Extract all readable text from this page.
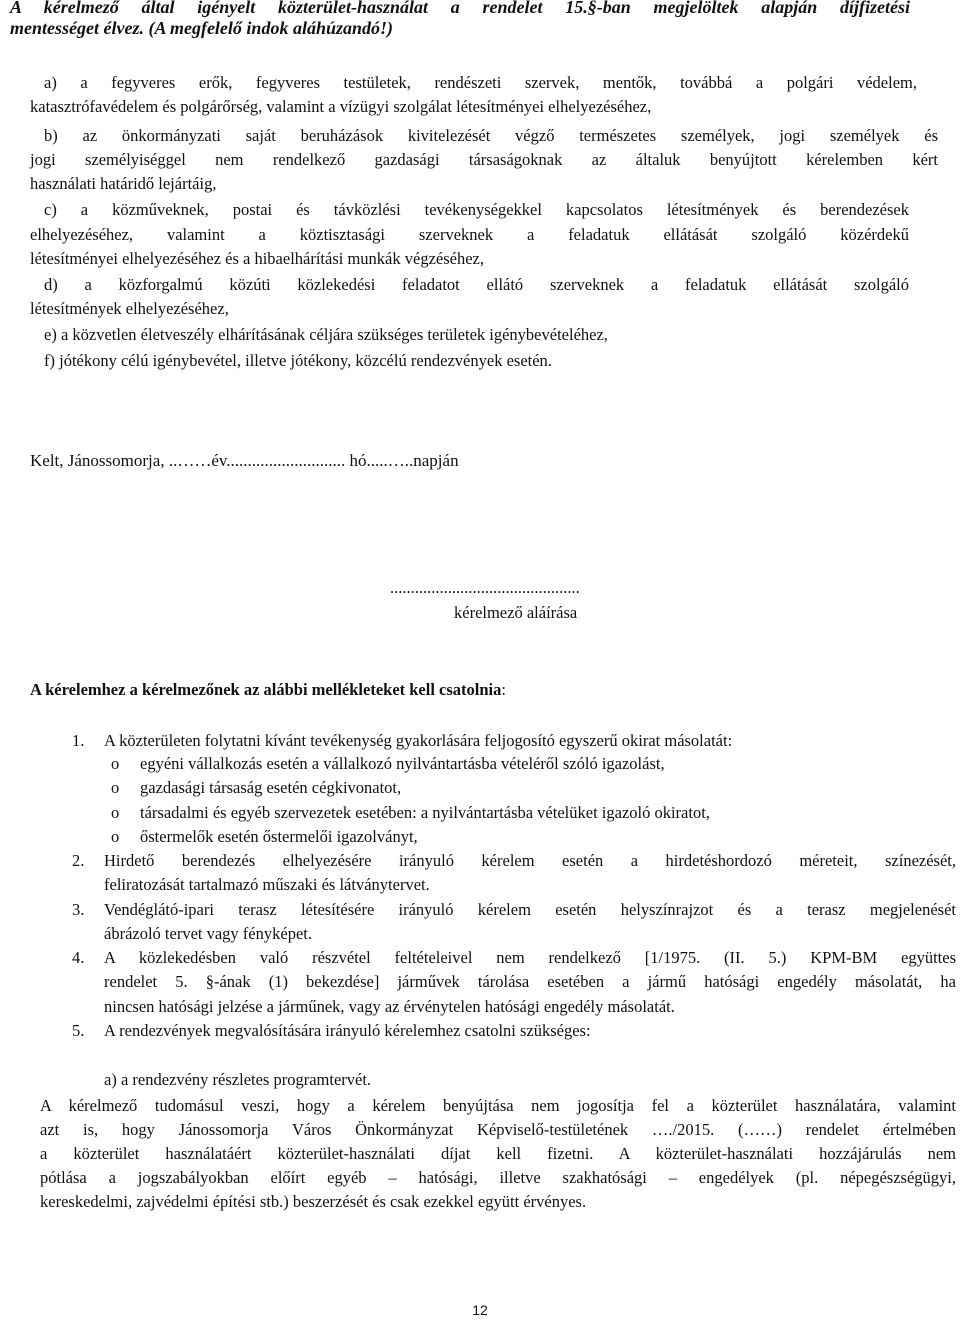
A kérelmező által igényelt közterület-használat a rendelet 15.§-ban megjelöltek alapján díjfizetési
mentességet élvez. (A megfelelő indok aláhúzandó!)
a) a fegyveres erők, fegyveres testületek, rendészeti szervek, mentők, továbbá a polgári védelem,
katasztrófavédelem és polgárőrség, valamint a vízügyi szolgálat létesítményei elhelyezéséhez,
b) az önkormányzati saját beruházások kivitelezését végző természetes személyek, jogi személyek és
jogi személyiséggel nem rendelkező gazdasági társaságoknak az általuk benyújtott kérelemben kért
használati határidő lejártáig,
c) a közműveknek, postai és távközlési tevékenységekkel kapcsolatos létesítmények és berendezések
elhelyezéséhez, valamint a köztisztasági szerveknek a feladatuk ellátását szolgáló közérdekű
létesítményei elhelyezéséhez és a hibaelhárítási munkák végzéséhez,
d) a közforgalmú közúti közlekedési feladatot ellátó szerveknek a feladatuk ellátását szolgáló
létesítmények elhelyezéséhez,
e) a közvetlen életveszély elhárításának céljára szükséges területek igénybevételéhez,
f) jótékony célú igénybevétel, illetve jótékony, közcélú rendezvények esetén.
Kelt, Jánossomorja, ..……év............................ hó.....…..napján
..............................................
kérelmező aláírása
A kérelemhez a kérelmezőnek az alábbi mellékleteket kell csatolnia:
1. A közterületen folytatni kívánt tevékenység gyakorlására feljogosító egyszerű okirat másolatát:
o egyéni vállalkozás esetén a vállalkozó nyilvántartásba vételéről szóló igazolást,
o gazdasági társaság esetén cégkivonatot,
o társadalmi és egyéb szervezetek esetében: a nyilvántartásba vételüket igazoló okiratot,
o őstermelők esetén őstermelői igazolványt,
2. Hirdető berendezés elhelyezésére irányuló kérelem esetén a hirdetéshordozó méreteit, színezését,
feliratozását tartalmazó műszaki és látványtervet.
3. Vendéglátó-ipari terasz létesítésére irányuló kérelem esetén helyszínrajzot és a terasz megjelenését
ábrázoló tervet vagy fényképet.
4. A közlekedésben való részvétel feltételeivel nem rendelkező [1/1975. (II. 5.) KPM-BM együttes
rendelet 5. §-ának (1) bekezdése] járművek tárolása esetében a jármű hatósági engedély másolatát, ha
nincsen hatósági jelzése a járműnek, vagy az érvénytelen hatósági engedély másolatát.
5. A rendezvények megvalósítására irányuló kérelemhez csatolni szükséges:
a) a rendezvény részletes programtervét.
A kérelmező tudomásul veszi, hogy a kérelem benyújtása nem jogosítja fel a közterület használatára, valamint
azt is, hogy Jánossomorja Város Önkormányzat Képviselő-testületének …./2015. (……) rendelet értelmében
a közterület használatáért közterület-használati díjat kell fizetni. A közterület-használati hozzájárulás nem
pótlása a jogszabályokban előírt egyéb – hatósági, illetve szakhatósági – engedélyek (pl. népegészségügyi,
kereskedelmi, zajvédelmi építési stb.) beszerzését és csak ezekkel együtt érvényes.
12
